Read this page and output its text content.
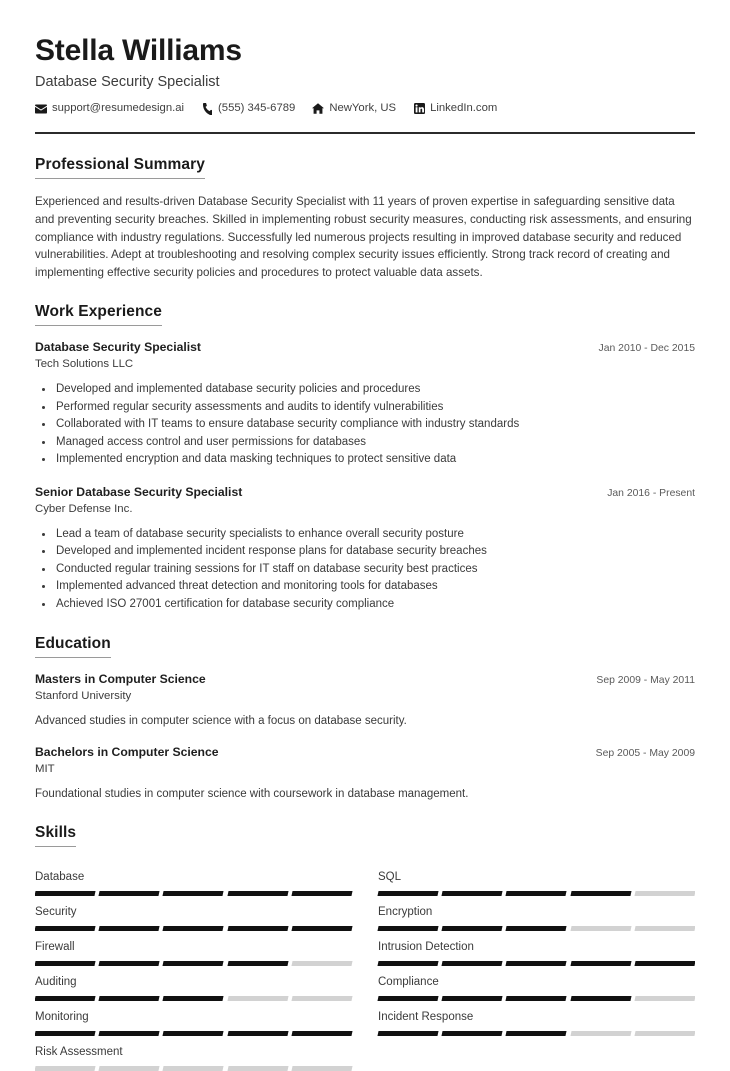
Stella Williams
Database Security Specialist
support@resumedesign.ai	(555) 345-6789	NewYork, US	LinkedIn.com
Professional Summary

Experienced and results-driven Database Security Specialist with 11 years of proven expertise in safeguarding sensitive data and preventing security breaches. Skilled in implementing robust security measures, conducting risk assessments, and ensuring compliance with industry regulations. Successfully led numerous projects resulting in improved database security and reduced vulnerabilities. Adept at troubleshooting and resolving complex security issues efficiently. Strong track record of creating and implementing effective security policies and procedures to protect valuable data assets.

Work Experience
Database Security Specialist	Jan 2010 - Dec 2015
Tech Solutions LLC
• Developed and implemented database security policies and procedures
• Performed regular security assessments and audits to identify vulnerabilities
• Collaborated with IT teams to ensure database security compliance with industry standards
• Managed access control and user permissions for databases
• Implemented encryption and data masking techniques to protect sensitive data
Senior Database Security Specialist	Jan 2016 - Present
Cyber Defense Inc.
• Lead a team of database security specialists to enhance overall security posture
• Developed and implemented incident response plans for database security breaches
• Conducted regular training sessions for IT staff on database security best practices
• Implemented advanced threat detection and monitoring tools for databases
• Achieved ISO 27001 certification for database security compliance
Education
Masters in Computer Science	Sep 2009 - May 2011
Stanford University
Advanced studies in computer science with a focus on database security.
Bachelors in Computer Science	Sep 2005 - May 2009
MIT
Foundational studies in computer science with coursework in database management.
Skills
Database	SQL
Security	Encryption
Firewall	Intrusion Detection
Auditing	Compliance
Monitoring	Incident Response
Risk Assessment
